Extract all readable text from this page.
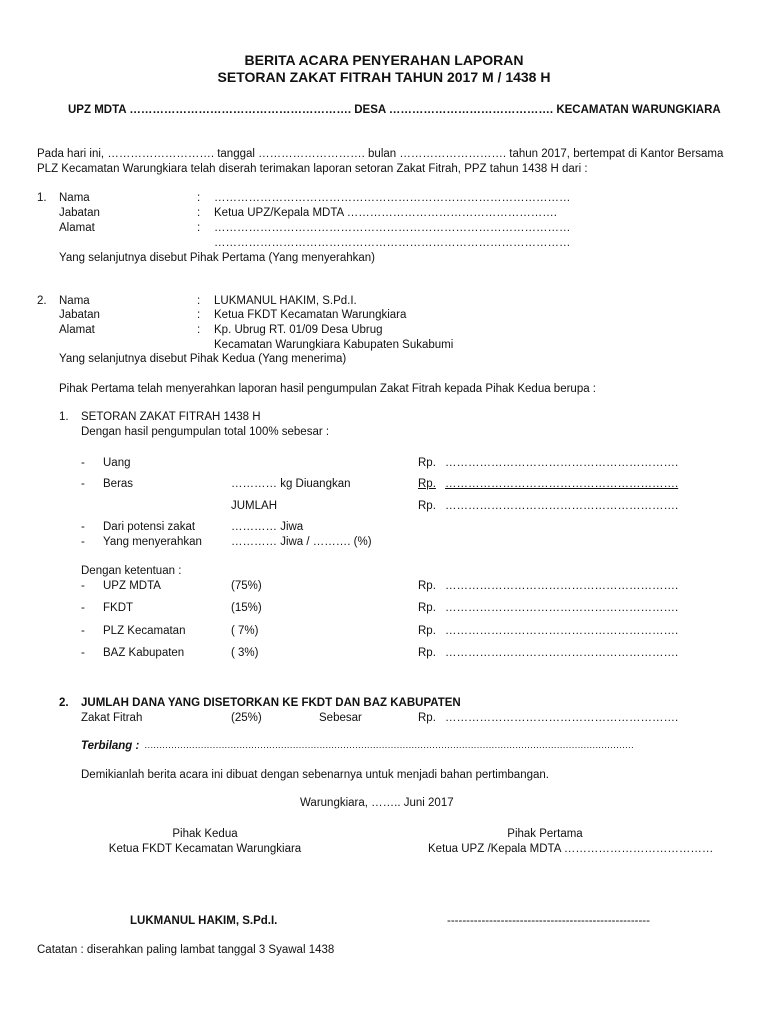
BERITA ACARA PENYERAHAN LAPORAN
SETORAN ZAKAT FITRAH TAHUN 2017 M / 1438 H
UPZ MDTA …………………………………………………. DESA ……………………………………. KECAMATAN WARUNGKIARA
Pada hari ini, ………………………. tanggal ………………………. bulan ………………………. tahun 2017, bertempat di Kantor Bersama
PLZ Kecamatan Warungkiara telah diserah terimakan laporan setoran Zakat Fitrah, PPZ tahun 1438 H dari :
1. Nama	: …………………………………………………………………………………
Jabatan	: Ketua UPZ/Kepala MDTA ……………………………………………….
Alamat	: …………………………………………………………………………………
…………………………………………………………………………………
Yang selanjutnya disebut Pihak Pertama (Yang menyerahkan)
2. Nama	: LUKMANUL HAKIM, S.Pd.I.
Jabatan	: Ketua FKDT Kecamatan Warungkiara
Alamat	: Kp. Ubrug RT. 01/09 Desa Ubrug
Kecamatan Warungkiara Kabupaten Sukabumi
Yang selanjutnya disebut Pihak Kedua (Yang menerima)
Pihak Pertama telah menyerahkan laporan hasil pengumpulan Zakat Fitrah kepada Pihak Kedua berupa :
1. SETORAN ZAKAT FITRAH 1438 H
Dengan hasil pengumpulan total 100% sebesar :
- Uang	Rp. …………………………………………………….
- Beras	………… kg Diuangkan	Rp. …………………………………………………….
JUMLAH	Rp. …………………………………………………….
- Dari potensi zakat	………… Jiwa
- Yang menyerahkan	………… Jiwa / ………. (%)
Dengan ketentuan :
- UPZ MDTA	(75%)	Rp. …………………………………………………….
- FKDT	(15%)	Rp. …………………………………………………….
- PLZ Kecamatan	( 7%)	Rp. …………………………………………………….
- BAZ Kabupaten	( 3%)	Rp. …………………………………………………….
2. JUMLAH DANA YANG DISETORKAN KE FKDT DAN BAZ KABUPATEN
Zakat Fitrah	(25%)	Sebesar	Rp. …………………………………………………….
Terbilang : …………………………………………………………………………………………………………………………………………………
Demikianlah berita acara ini dibuat dengan sebenarnya untuk menjadi bahan pertimbangan.
Warungkiara, …….. Juni 2017
Pihak Kedua
Ketua FKDT Kecamatan Warungkiara
LUKMANUL HAKIM, S.Pd.I.
Pihak Pertama
Ketua UPZ /Kepala MDTA …………………………………
-----------------------------------------------------
Catatan : diserahkan paling lambat tanggal 3 Syawal 1438
